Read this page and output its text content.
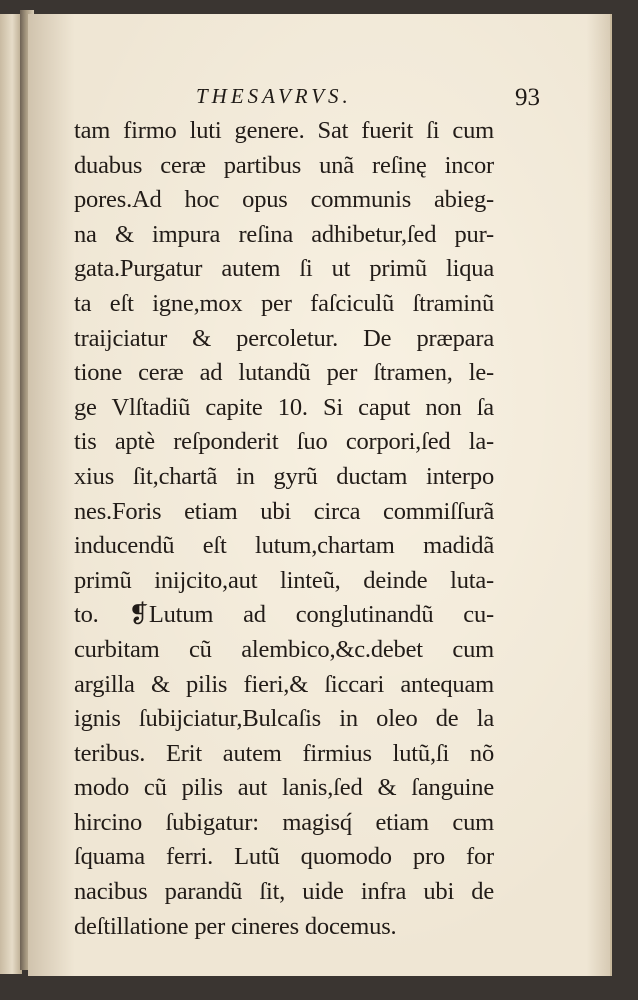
THESAVRVS.	93
tam firmo luti genere. Sat fuerit ſi cum
duabus ceræ partibus unã reſinę incor
pores.Ad hoc opus communis abieg-
na & impura reſina adhibetur,ſed pur-
gata.Purgatur autem ſi ut primũ liqua
ta eſt igne,mox per faſciculũ ſtraminũ
traijciatur & percoletur. De præpara
tione ceræ ad lutandũ per ſtramen, le-
ge Vlſtadiũ capite 10. Si caput non ſa
tis aptè reſponderit ſuo corpori,ſed la-
xius ſit,chartã in gyrũ ductam interpo
nes.Foris etiam ubi circa commiſſurã
inducendũ eſt lutum,chartam madidã
primũ inijcito,aut linteũ, deinde luta-
to. ❡Lutum ad conglutinandũ cu-
curbitam cũ alembico,&c.debet cum
argilla & pilis fieri,& ſiccari antequam
ignis ſubijciatur,Bulcaſis in oleo de la
teribus. Erit autem firmius lutũ,ſi nõ
modo cũ pilis aut lanis,ſed & ſanguine
hircino ſubigatur: magisq́ etiam cum
ſquama ferri. Lutũ quomodo pro for
nacibus parandũ ſit, uide infra ubi de
deſtillatione per cineres docemus.
